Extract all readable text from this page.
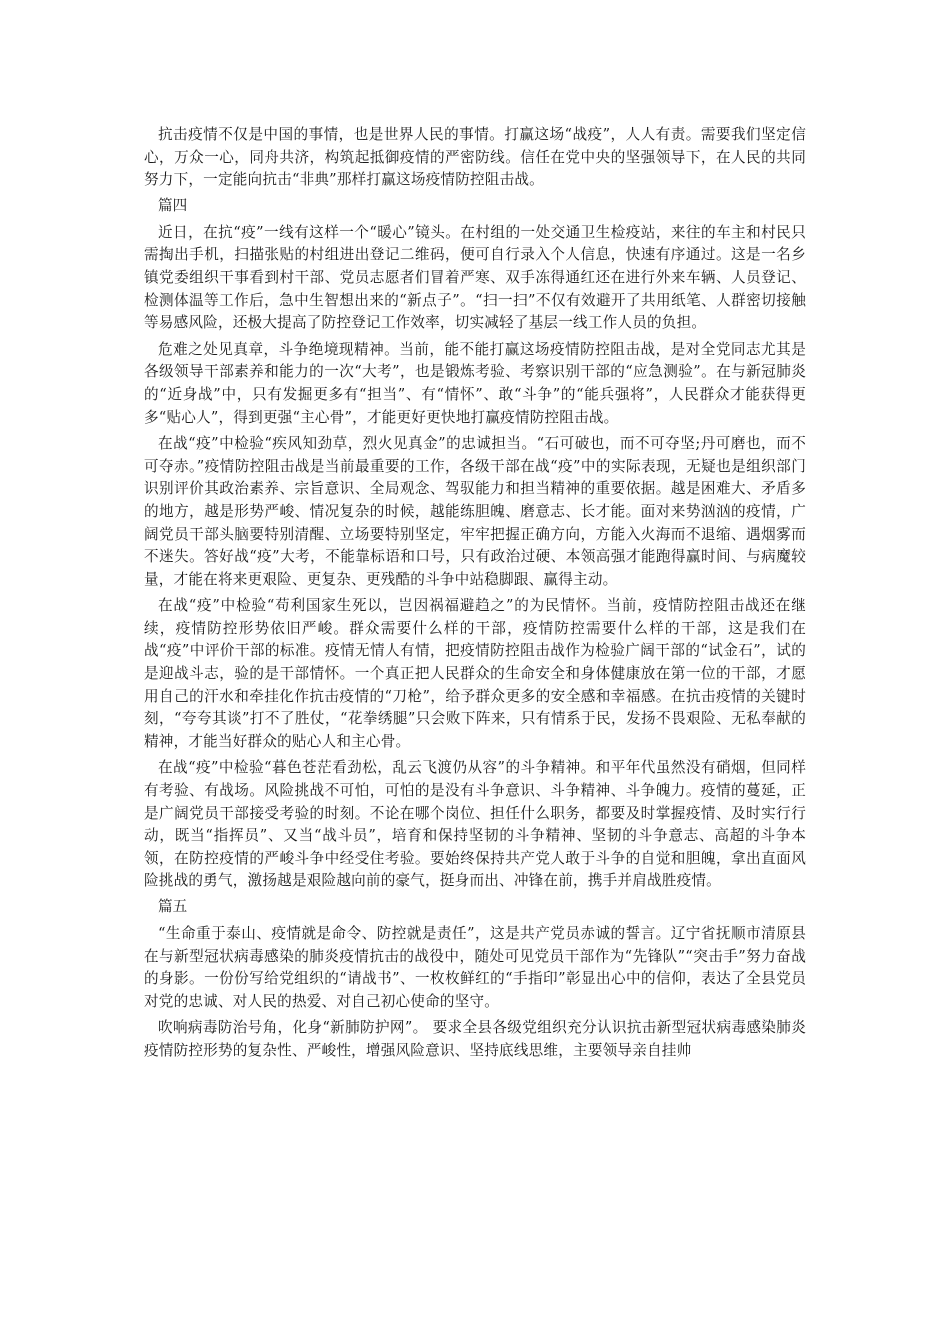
抗击疫情不仅是中国的事情，也是世界人民的事情。打赢这场“战疫”，人人有责。需要我们坚定信心，万众一心，同舟共济，构筑起抵御疫情的严密防线。信任在党中央的坚强领导下，在人民的共同努力下，一定能向抗击“非典”那样打赢这场疫情防控阻击战。

篇四

近日，在抗“疫”一线有这样一个“暖心”镜头。在村组的一处交通卫生检疫站，来往的车主和村民只需掏出手机，扫描张贴的村组进出登记二维码，便可自行录入个人信息，快速有序通过。这是一名乡镇党委组织干事看到村干部、党员志愿者们冒着严寒、双手冻得通红还在进行外来车辆、人员登记、检测体温等工作后，急中生智想出来的“新点子”。“扫一扫”不仅有效避开了共用纸笔、人群密切接触等易感风险，还极大提高了防控登记工作效率，切实减轻了基层一线工作人员的负担。

危难之处见真章，斗争绝境现精神。当前，能不能打赢这场疫情防控阻击战，是对全党同志尤其是各级领导干部素养和能力的一次“大考”，也是锻炼考验、考察识别干部的“应急测验”。在与新冠肺炎的“近身战”中，只有发掘更多有“担当”、有“情怀”、敢“斗争”的“能兵强将”，人民群众才能获得更多“贴心人”，得到更强“主心骨”，才能更好更快地打赢疫情防控阻击战。

在战“疫”中检验“疾风知劲草，烈火见真金”的忠诚担当。“石可破也，而不可夺坚;丹可磨也，而不可夺赤。”疫情防控阻击战是当前最重要的工作，各级干部在战“疫”中的实际表现，无疑也是组织部门识别评价其政治素养、宗旨意识、全局观念、驾驭能力和担当精神的重要依据。越是困难大、矛盾多的地方，越是形势严峻、情况复杂的时候，越能练胆魄、磨意志、长才能。面对来势汹汹的疫情，广阔党员干部头脑要特别清醒、立场要特别坚定，牢牢把握正确方向，方能入火海而不退缩、遇烟雾而不迷失。答好战“疫”大考，不能靠标语和口号，只有政治过硬、本领高强才能跑得赢时间、与病魔较量，才能在将来更艰险、更复杂、更残酷的斗争中站稳脚跟、赢得主动。

在战“疫”中检验“苟利国家生死以，岂因祸福避趋之”的为民情怀。当前，疫情防控阻击战还在继续，疫情防控形势依旧严峻。群众需要什么样的干部，疫情防控需要什么样的干部，这是我们在战“疫”中评价干部的标准。疫情无情人有情，把疫情防控阻击战作为检验广阔干部的“试金石”，试的是迎战斗志，验的是干部情怀。一个真正把人民群众的生命安全和身体健康放在第一位的干部，才愿用自己的汗水和牵挂化作抗击疫情的“刀枪”，给予群众更多的安全感和幸福感。在抗击疫情的关键时刻，“夸夸其谈”打不了胜仗，“花拳绣腿”只会败下阵来，只有情系于民，发扬不畏艰险、无私奉献的精神，才能当好群众的贴心人和主心骨。

在战“疫”中检验“暮色苍茫看劲松，乱云飞渡仍从容”的斗争精神。和平年代虽然没有硝烟，但同样有考验、有战场。风险挑战不可怕，可怕的是没有斗争意识、斗争精神、斗争魄力。疫情的蔓延，正是广阔党员干部接受考验的时刻。不论在哪个岗位、担任什么职务，都要及时掌握疫情、及时实行行动，既当“指挥员”、又当“战斗员”，培育和保持坚韧的斗争精神、坚韧的斗争意志、高超的斗争本领，在防控疫情的严峻斗争中经受住考验。要始终保持共产党人敢于斗争的自觉和胆魄，拿出直面风险挑战的勇气，激扬越是艰险越向前的豪气，挺身而出、冲锋在前，携手并肩战胜疫情。

篇五

“生命重于泰山、疫情就是命令、防控就是责任”，这是共产党员赤诚的誓言。辽宁省抚顺市清原县在与新型冠状病毒感染的肺炎疫情抗击的战役中，随处可见党员干部作为“先锋队”“突击手”努力奋战的身影。一份份写给党组织的“请战书”、一枚枚鲜红的“手指印”彰显出心中的信仰，表达了全县党员对党的忠诚、对人民的热爱、对自己初心使命的坚守。

吹响病毒防治号角，化身“新肺防护网”。 要求全县各级党组织充分认识抗击新型冠状病毒感染肺炎疫情防控形势的复杂性、严峻性，增强风险意识、坚持底线思维，主要领导亲自挂帅
